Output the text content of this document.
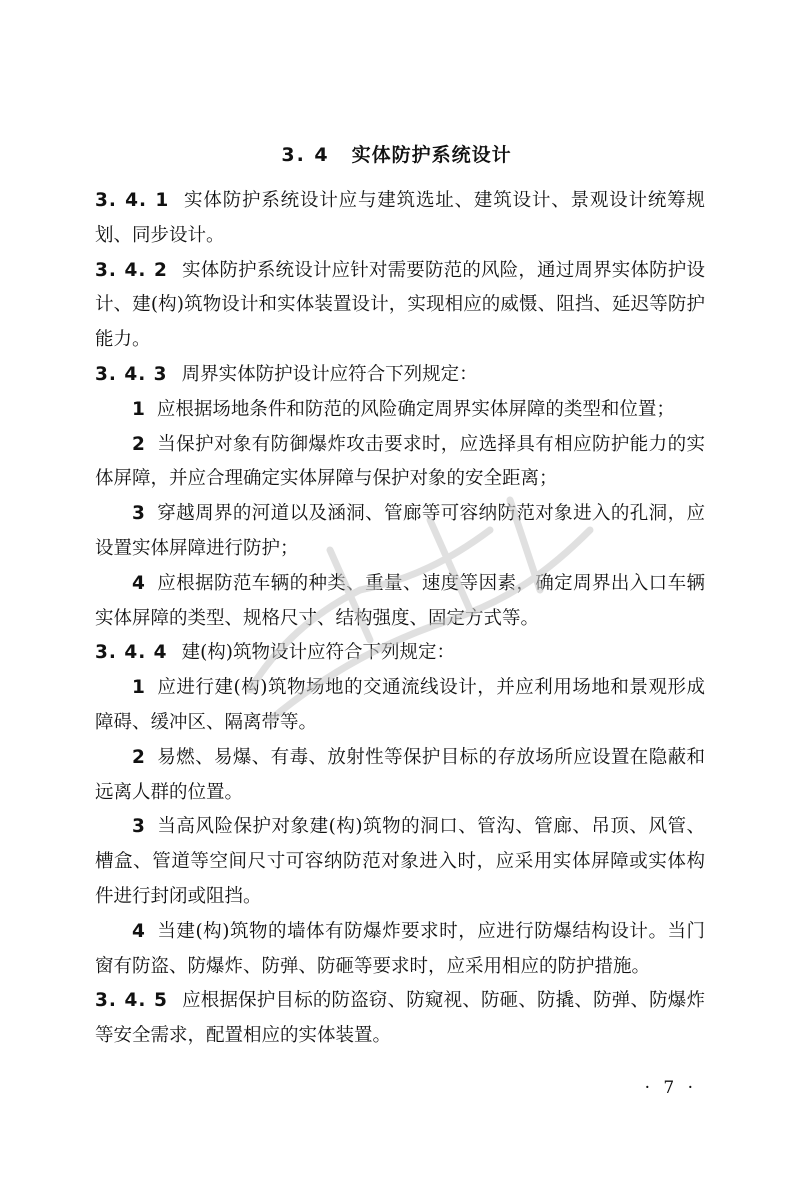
3. 4 实体防护系统设计

3. 4. 1 实体防护系统设计应与建筑选址、建筑设计、景观设计统筹规划、同步设计。

3. 4. 2 实体防护系统设计应针对需要防范的风险，通过周界实体防护设计、建(构)筑物设计和实体装置设计，实现相应的威慑、阻挡、延迟等防护能力。

3. 4. 3 周界实体防护设计应符合下列规定：

1 应根据场地条件和防范的风险确定周界实体屏障的类型和位置；

2 当保护对象有防御爆炸攻击要求时，应选择具有相应防护能力的实体屏障，并应合理确定实体屏障与保护对象的安全距离；

3 穿越周界的河道以及涵洞、管廊等可容纳防范对象进入的孔洞，应设置实体屏障进行防护；

4 应根据防范车辆的种类、重量、速度等因素，确定周界出入口车辆实体屏障的类型、规格尺寸、结构强度、固定方式等。

3. 4. 4 建(构)筑物设计应符合下列规定：

1 应进行建(构)筑物场地的交通流线设计，并应利用场地和景观形成障碍、缓冲区、隔离带等。

2 易燃、易爆、有毒、放射性等保护目标的存放场所应设置在隐蔽和远离人群的位置。

3 当高风险保护对象建(构)筑物的洞口、管沟、管廊、吊顶、风管、槽盒、管道等空间尺寸可容纳防范对象进入时，应采用实体屏障或实体构件进行封闭或阻挡。

4 当建(构)筑物的墙体有防爆炸要求时，应进行防爆结构设计。当门窗有防盗、防爆炸、防弹、防砸等要求时，应采用相应的防护措施。

3. 4. 5 应根据保护目标的防盗窃、防窥视、防砸、防撬、防弹、防爆炸等安全需求，配置相应的实体装置。

· 7 ·
